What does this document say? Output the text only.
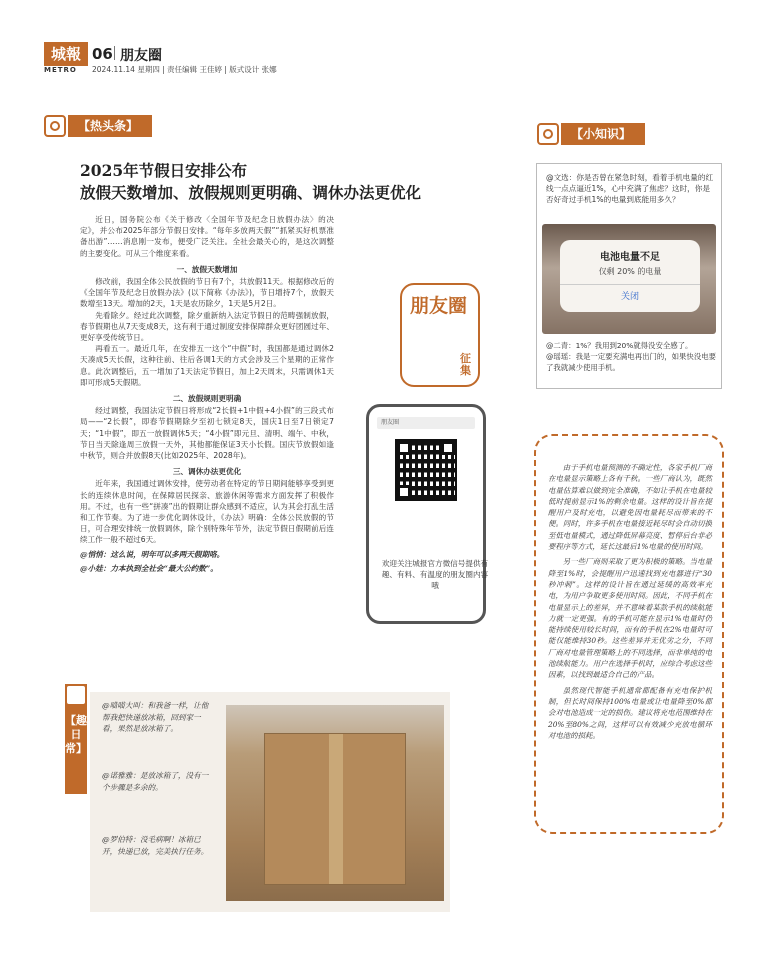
城報
METRO
06 朋友圈
2024.11.14 星期四 | 责任编辑 王佳婷 | 版式设计 张娜
【热头条】
2025年节假日安排公布
放假天数增加、放假规则更明确、调休办法更优化

近日，国务院公布《关于修改〈全国年节及纪念日放假办法〉的决定》，并公布2025年部分节假日安排。“每年多放两天假”“抓紧买好机票准备出游”……消息刚一发布，便受广泛关注。全社会最关心的，是这次调整的主要变化。可从三个维度来看。

一、放假天数增加

修改前，我国全体公民放假的节日有7个，共放假11天。根据修改后的《全国年节及纪念日放假办法》(以下简称《办法》)，节日增持7个，放假天数增至13天。增加的2天，1天是农历除夕，1天是5月2日。

先看除夕。经过此次调整，除夕重新纳入法定节假日的范畴强制放假，春节假期也从7天变成8天，这有利于通过制度安排保障群众更好团圆过年、更好享受传统节日。

再看五一。最近几年，在安排五一这个“中假”时，我国都是通过调休2天凑成5天长假，这种往前、往后各调1天的方式会涉及三个星期的正常作息。此次调整后，五一增加了1天法定节假日，加上2天周末，只需调休1天即可形成5天假期。

二、放假规则更明确

经过调整，我国法定节假日将形成“2长假+1中假+4小假”的三段式布局——“2长假”，即春节假期除夕至初七锁定8天，国庆1日至7日锁定7天；“1中假”，即五一放假调休5天；“4小假”即元旦、清明、端午、中秋，节日当天除逢周三放假一天外，其他都能保证3天小长假。国庆节放假如逢中秋节，则合并放假8天(比如2025年、2028年)。

三、调休办法更优化

近年来，我国通过调休安排，使劳动者在特定的节日期间能够享受到更长的连续休息时间，在保障居民探亲、旅游休闲等需求方面发挥了积极作用。不过，也有一些“拼凑”出的假期让群众感到不适应，认为其会打乱生活和工作节奏。为了进一步优化调休设计，《办法》明确：全体公民放假的节日，可合理安排统一放假调休，除个别特殊年节外，法定节假日假期前后连续工作一般不超过6天。

@悄悄：这么说，明年可以多两天假期咯。

@小娃：力本执到全社会“最大公约数”。

朋友圈
征集
朋友圈
欢迎关注城报官方微信号提供有趣、有料、有温度的朋友圈内容哦
【小知识】
@文选：你是否曾在紧急时刻，看着手机电量的红线一点点逼近1%，心中充满了焦虑？这时，你是否好奇过手机1%的电量到底能用多久？
电池电量不足
仅剩 20% 的电量
关闭
@二青：1%？我用到20%就得没安全感了。
@瑶瑶：我是一定要充满电再出门的，如果快没电要了我就减少使用手机。

由于手机电量预测的不确定性，各家手机厂商在电量显示策略上各有千秋。一些厂商认为，既然电量估算难以做到完全准确，不如让手机在电量较低时提前显示1%的剩余电量。这样的设计旨在提醒用户及时充电，以避免因电量耗尽而带来的不便。同时，许多手机在电量接近耗尽时会自动切换至低电量模式，通过降低屏幕亮度、暂停后台非必要程序等方式，延长这最后1%电量的使用时间。

另一些厂商则采取了更为积极的策略。当电量降至1%时，会提醒用户迅速找到充电器进行“30秒冲刺”。这样的设计旨在通过延缓的高效率充电，为用户争取更多使用时间。因此，不同手机在电量显示上的差异，并不意味着某款手机的续航能力就一定更强。有的手机可能在显示1%电量时仍能持续使用较长时间，而有的手机在2%电量时可能仅能维持30秒。这些差异并无优劣之分，不同厂商对电量管理策略上的不同选择，而非单纯的电池续航能力。用户在选择手机时，应综合考虑这些因素，以找到最适合自己的产品。

虽然现代智能手机通常都配备有充电保护机制，但长时间保持100%电量或让电量降至0%都会对电池造成一定的损伤。建议将充电范围维持在20%至80%之间，这样可以有效减少充放电循环对电池的损耗。

【趣日常】
@喵喵大叫：和我爸一样，让他帮我把快递放冰箱，回到家一看，果然是放冰箱了。
@诺雅雅：是放冰箱了，没有一个步骤是多余的。
@罗伯特：没毛病啊！冰箱已开，快递已放，完美执行任务。
